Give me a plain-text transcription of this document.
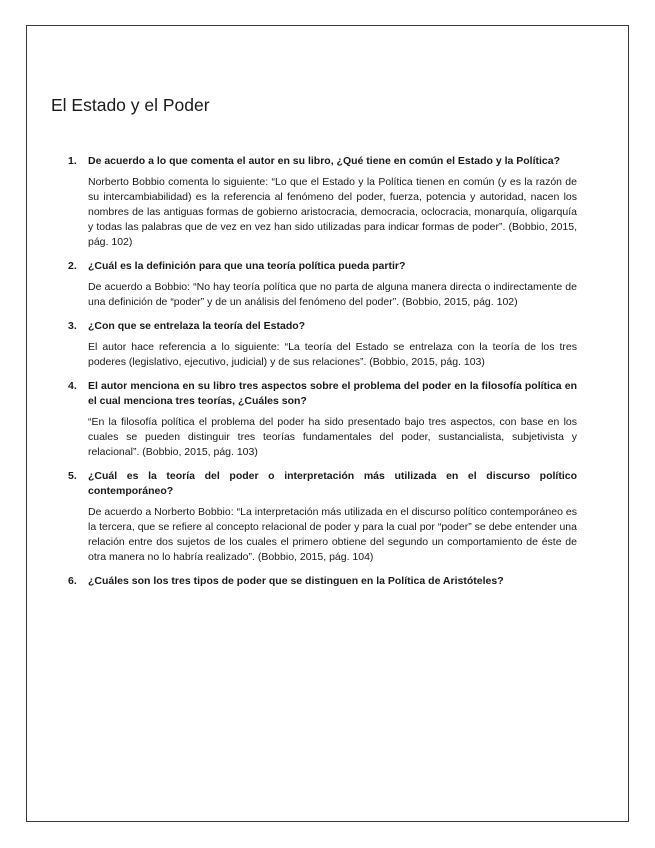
El Estado y el Poder
1. De acuerdo a lo que comenta el autor en su libro, ¿Qué tiene en común el Estado y la Política?

Norberto Bobbio comenta lo siguiente: “Lo que el Estado y la Política tienen en común (y es la razón de su intercambiabilidad) es la referencia al fenómeno del poder, fuerza, potencia y autoridad, nacen los nombres de las antiguas formas de gobierno aristocracia, democracia, oclocracia, monarquía, oligarquía y todas las palabras que de vez en vez han sido utilizadas para indicar formas de poder”. (Bobbio, 2015, pág. 102)

2. ¿Cuál es la definición para que una teoría política pueda partir?

De acuerdo a Bobbio: “No hay teoría política que no parta de alguna manera directa o indirectamente de una definición de “poder” y de un análisis del fenómeno del poder”. (Bobbio, 2015, pág. 102)

3. ¿Con que se entrelaza la teoría del Estado?

El autor hace referencia a lo siguiente: “La teoría del Estado se entrelaza con la teoría de los tres poderes (legislativo, ejecutivo, judicial) y de sus relaciones”. (Bobbio, 2015, pág. 103)

4. El autor menciona en su libro tres aspectos sobre el problema del poder en la filosofía política en el cual menciona tres teorías, ¿Cuáles son?

“En la filosofía política el problema del poder ha sido presentado bajo tres aspectos, con base en los cuales se pueden distinguir tres teorías fundamentales del poder, sustancialista, subjetivista y relacional”. (Bobbio, 2015, pág. 103)

5. ¿Cuál es la teoría del poder o interpretación más utilizada en el discurso político contemporáneo?

De acuerdo a Norberto Bobbio: “La interpretación más utilizada en el discurso político contemporáneo es la tercera, que se refiere al concepto relacional de poder y para la cual por “poder” se debe entender una relación entre dos sujetos de los cuales el primero obtiene del segundo un comportamiento de éste de otra manera no lo habría realizado”. (Bobbio, 2015, pág. 104)

6. ¿Cuáles son los tres tipos de poder que se distinguen en la Política de Aristóteles?
